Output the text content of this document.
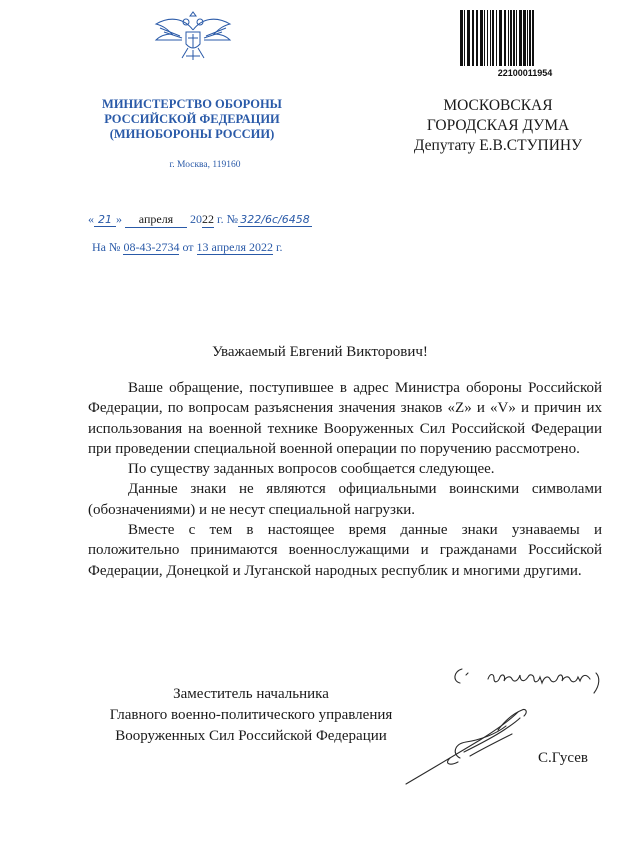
МИНИСТЕРСТВО ОБОРОНЫ
РОССИЙСКОЙ ФЕДЕРАЦИИ
(МИНОБОРОНЫ РОССИИ)
г. Москва, 119160
22100011954
МОСКОВСКАЯ
ГОРОДСКАЯ ДУМА
Депутату Е.В.СТУПИНУ
« 21 » апреля 2022 г. № 322/6с/6458
На № 08-43-2734 от 13 апреля 2022 г.
Уважаемый Евгений Викторович!

Ваше обращение, поступившее в адрес Министра обороны Российской Федерации, по вопросам разъяснения значения знаков «Z» и «V» и причин их использования на военной технике Вооруженных Сил Российской Федерации при проведении специальной военной операции по поручению рассмотрено.

По существу заданных вопросов сообщается следующее.

Данные знаки не являются официальными воинскими символами (обозначениями) и не несут специальной нагрузки.

Вместе с тем в настоящее время данные знаки узнаваемы и положительно принимаются военнослужащими и гражданами Российской Федерации, Донецкой и Луганской народных республик и многими другими.

Заместитель начальника
Главного военно-политического управления
Вооруженных Сил Российской Федерации
С.Гусев
